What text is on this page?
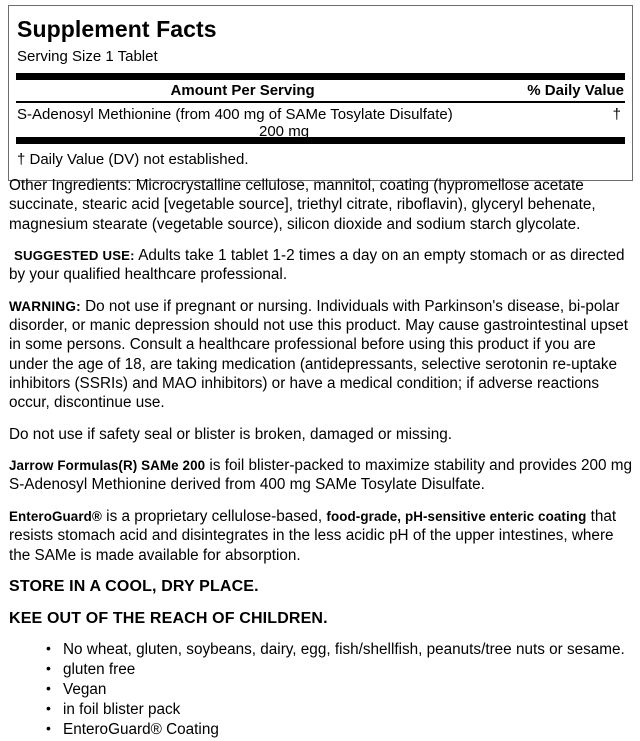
Supplement Facts
Serving Size 1 Tablet
Amount Per Serving	% Daily Value
S-Adenosyl Methionine (from 400 mg of SAMe Tosylate Disulfate)
200 mg
†
† Daily Value (DV) not established.

Other Ingredients: Microcrystalline cellulose, mannitol, coating (hypromellose acetate succinate, stearic acid [vegetable source], triethyl citrate, riboflavin), glyceryl behenate, magnesium stearate (vegetable source), silicon dioxide and sodium starch glycolate.

SUGGESTED USE: Adults take 1 tablet 1-2 times a day on an empty stomach or as directed by your qualified healthcare professional.

WARNING: Do not use if pregnant or nursing. Individuals with Parkinson's disease, bi-polar disorder, or manic depression should not use this product. May cause gastrointestinal upset in some persons. Consult a healthcare professional before using this product if you are under the age of 18, are taking medication (antidepressants, selective serotonin re-uptake inhibitors (SSRIs) and MAO inhibitors) or have a medical condition; if adverse reactions occur, discontinue use.

Do not use if safety seal or blister is broken, damaged or missing.

Jarrow Formulas(R) SAMe 200 is foil blister-packed to maximize stability and provides 200 mg S-Adenosyl Methionine derived from 400 mg SAMe Tosylate Disulfate.

EnteroGuard® is a proprietary cellulose-based, food-grade, pH-sensitive enteric coating that resists stomach acid and disintegrates in the less acidic pH of the upper intestines, where the SAMe is made available for absorption.

STORE IN A COOL, DRY PLACE.
KEE OUT OF THE REACH OF CHILDREN.
• No wheat, gluten, soybeans, dairy, egg, fish/shellfish, peanuts/tree nuts or sesame.
• gluten free
• Vegan
• in foil blister pack
• EnteroGuard® Coating
